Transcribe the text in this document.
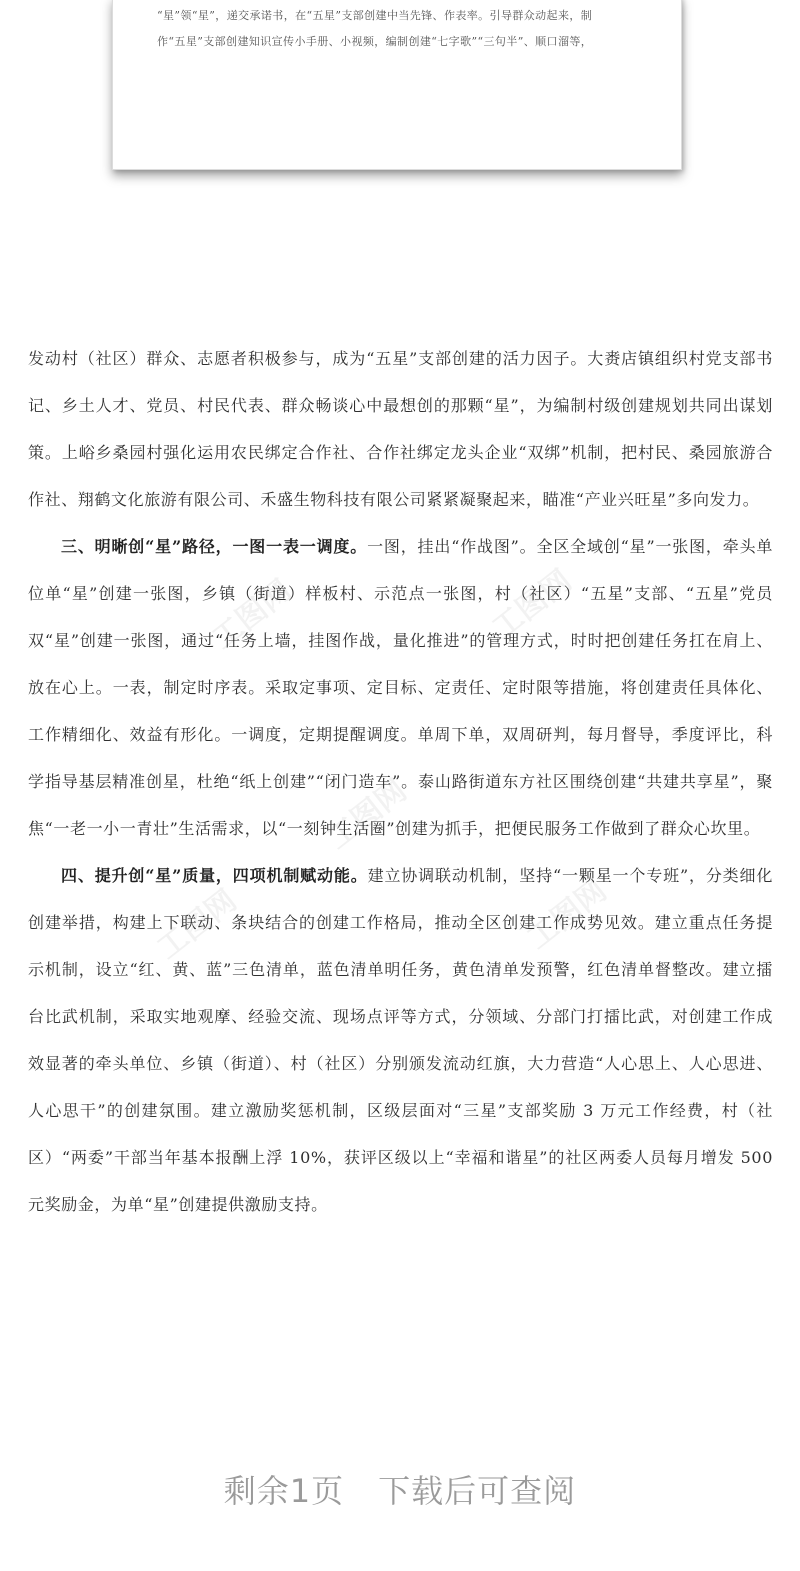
“星”领“星”，递交承诺书，在“五星”支部创建中当先锋、作表率。引导群众动起来，制
作“五星”支部创建知识宣传小手册、小视频，编制创建“七字歌”“三句半”、顺口溜等，
工图网	工图网
工图网
工图网	工图网

发动村（社区）群众、志愿者积极参与，成为“五星”支部创建的活力因子。大赉店镇组织村党支部书记、乡土人才、党员、村民代表、群众畅谈心中最想创的那颗“星”，为编制村级创建规划共同出谋划策。上峪乡桑园村强化运用农民绑定合作社、合作社绑定龙头企业“双绑”机制，把村民、桑园旅游合作社、翔鹤文化旅游有限公司、禾盛生物科技有限公司紧紧凝聚起来，瞄准“产业兴旺星”多向发力。

三、明晰创“星”路径，一图一表一调度。一图，挂出“作战图”。全区全域创“星”一张图，牵头单位单“星”创建一张图，乡镇（街道）样板村、示范点一张图，村（社区）“五星”支部、“五星”党员双“星”创建一张图，通过“任务上墙，挂图作战，量化推进”的管理方式，时时把创建任务扛在肩上、放在心上。一表，制定时序表。采取定事项、定目标、定责任、定时限等措施，将创建责任具体化、工作精细化、效益有形化。一调度，定期提醒调度。单周下单，双周研判，每月督导，季度评比，科学指导基层精准创星，杜绝“纸上创建”“闭门造车”。泰山路街道东方社区围绕创建“共建共享星”，聚焦“一老一小一青壮”生活需求，以“一刻钟生活圈”创建为抓手，把便民服务工作做到了群众心坎里。

四、提升创“星”质量，四项机制赋动能。建立协调联动机制，坚持“一颗星一个专班”，分类细化创建举措，构建上下联动、条块结合的创建工作格局，推动全区创建工作成势见效。建立重点任务提示机制，设立“红、黄、蓝”三色清单，蓝色清单明任务，黄色清单发预警，红色清单督整改。建立擂台比武机制，采取实地观摩、经验交流、现场点评等方式，分领域、分部门打擂比武，对创建工作成效显著的牵头单位、乡镇（街道）、村（社区）分别颁发流动红旗，大力营造“人心思上、人心思进、人心思干”的创建氛围。建立激励奖惩机制，区级层面对“三星”支部奖励 3 万元工作经费，村（社区）“两委”干部当年基本报酬上浮 10%，获评区级以上“幸福和谐星”的社区两委人员每月增发 500 元奖励金，为单“星”创建提供激励支持。

剩余1页 下载后可查阅
